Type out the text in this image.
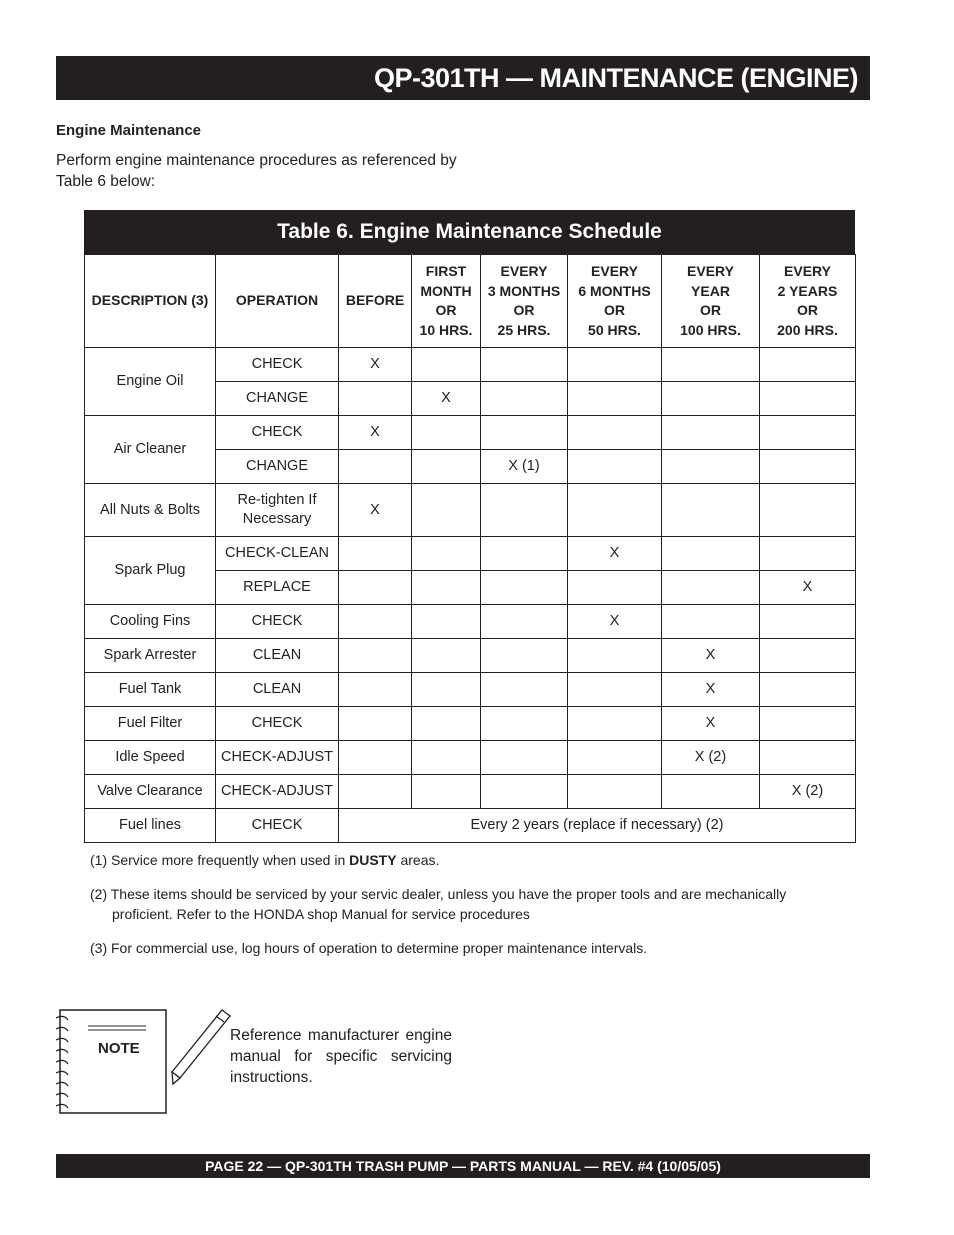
QP-301TH — MAINTENANCE (ENGINE)
Engine Maintenance
Perform engine maintenance procedures as referenced by Table 6 below:
Table 6. Engine Maintenance Schedule
DESCRIPTION (3)	OPERATION	BEFORE	FIRST
MONTH
OR
10 HRS.	EVERY
3 MONTHS
OR
25 HRS.	EVERY
6 MONTHS
OR
50 HRS.	EVERY
YEAR
OR
100 HRS.	EVERY
2 YEARS
OR
200 HRS.
Engine Oil	CHECK	X					
	CHANGE		X				
Air Cleaner	CHECK	X					
	CHANGE			X (1)			
All Nuts & Bolts	Re-tighten If
Necessary	X					
Spark Plug	CHECK-CLEAN				X		
	REPLACE						X
Cooling Fins	CHECK				X		
Spark Arrester	CLEAN					X	
Fuel Tank	CLEAN					X	
Fuel Filter	CHECK					X	
Idle Speed	CHECK-ADJUST					X (2)	
Valve Clearance	CHECK-ADJUST						X (2)
Fuel lines	CHECK	Every 2 years (replace if necessary) (2)					

(1) Service more frequently when used in DUSTY areas.

(2) These items should be serviced by your servic dealer, unless you have the proper tools and are mechanically proficient. Refer to the HONDA shop Manual for service procedures

(3) For commercial use, log hours of operation to determine proper maintenance intervals.

NOTE
Reference manufacturer engine manual for specific servicing instructions.
PAGE 22 — QP-301TH TRASH PUMP — PARTS MANUAL — REV. #4 (10/05/05)
